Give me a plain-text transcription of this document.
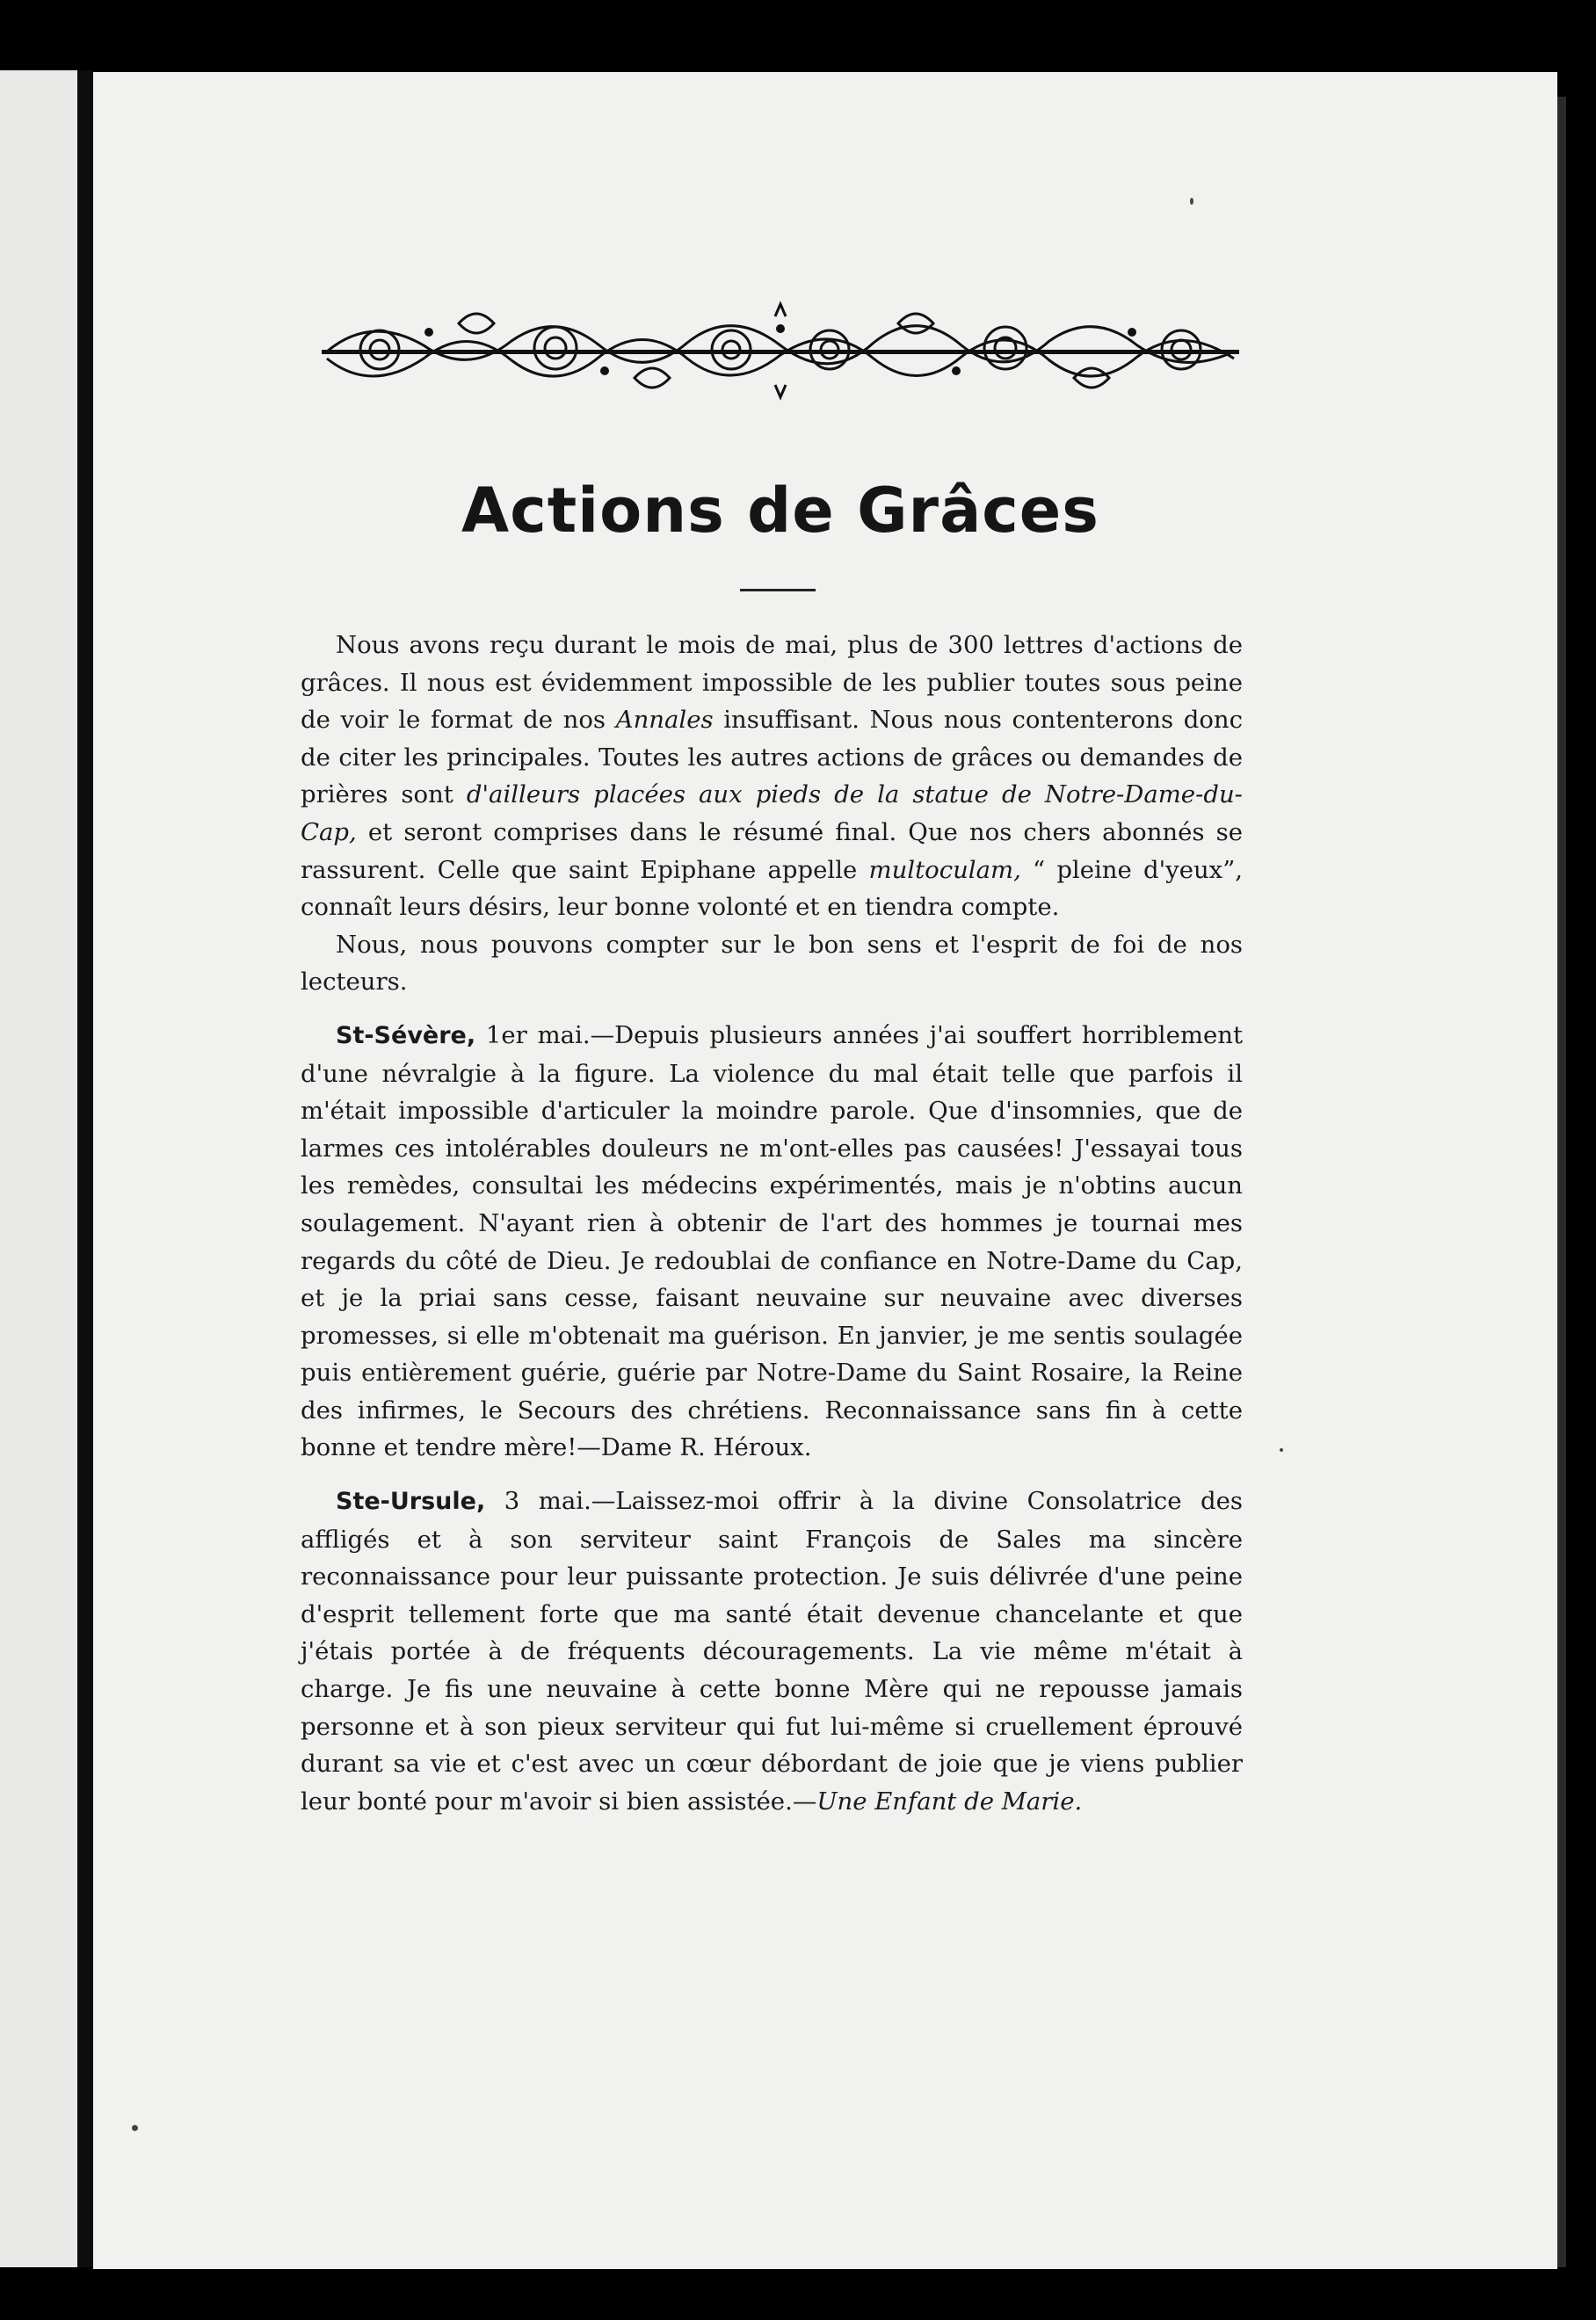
Actions de Grâces

Nous avons reçu durant le mois de mai, plus de 300 lettres d'actions de grâces. Il nous est évidemment impossible de les publier toutes sous peine de voir le format de nos Annales insuffisant. Nous nous contenterons donc de citer les principales. Toutes les autres actions de grâces ou demandes de prières sont d'ailleurs placées aux pieds de la statue de Notre-Dame-du-Cap, et seront comprises dans le résumé final. Que nos chers abonnés se rassurent. Celle que saint Epiphane appelle multoculam, “ pleine d'yeux”, connaît leurs désirs, leur bonne volonté et en tiendra compte.

Nous, nous pouvons compter sur le bon sens et l'esprit de foi de nos lecteurs.

St-Sévère, 1er mai.—Depuis plusieurs années j'ai souffert horriblement d'une névralgie à la figure. La violence du mal était telle que parfois il m'était impossible d'articuler la moindre parole. Que d'insomnies, que de larmes ces intolérables douleurs ne m'ont-elles pas causées! J'essayai tous les remèdes, consultai les médecins expérimentés, mais je n'obtins aucun soulagement. N'ayant rien à obtenir de l'art des hommes je tournai mes regards du côté de Dieu. Je redoublai de confiance en Notre-Dame du Cap, et je la priai sans cesse, faisant neuvaine sur neuvaine avec diverses promesses, si elle m'obtenait ma guérison. En janvier, je me sentis soulagée puis entièrement guérie, guérie par Notre-Dame du Saint Rosaire, la Reine des infirmes, le Secours des chrétiens. Reconnaissance sans fin à cette bonne et tendre mère!—Dame R. Héroux.

Ste-Ursule, 3 mai.—Laissez-moi offrir à la divine Consolatrice des affligés et à son serviteur saint François de Sales ma sincère reconnaissance pour leur puissante protection. Je suis délivrée d'une peine d'esprit tellement forte que ma santé était devenue chancelante et que j'étais portée à de fréquents découragements. La vie même m'était à charge. Je fis une neuvaine à cette bonne Mère qui ne repousse jamais personne et à son pieux serviteur qui fut lui-même si cruellement éprouvé durant sa vie et c'est avec un cœur débordant de joie que je viens publier leur bonté pour m'avoir si bien assistée.—Une Enfant de Marie.
